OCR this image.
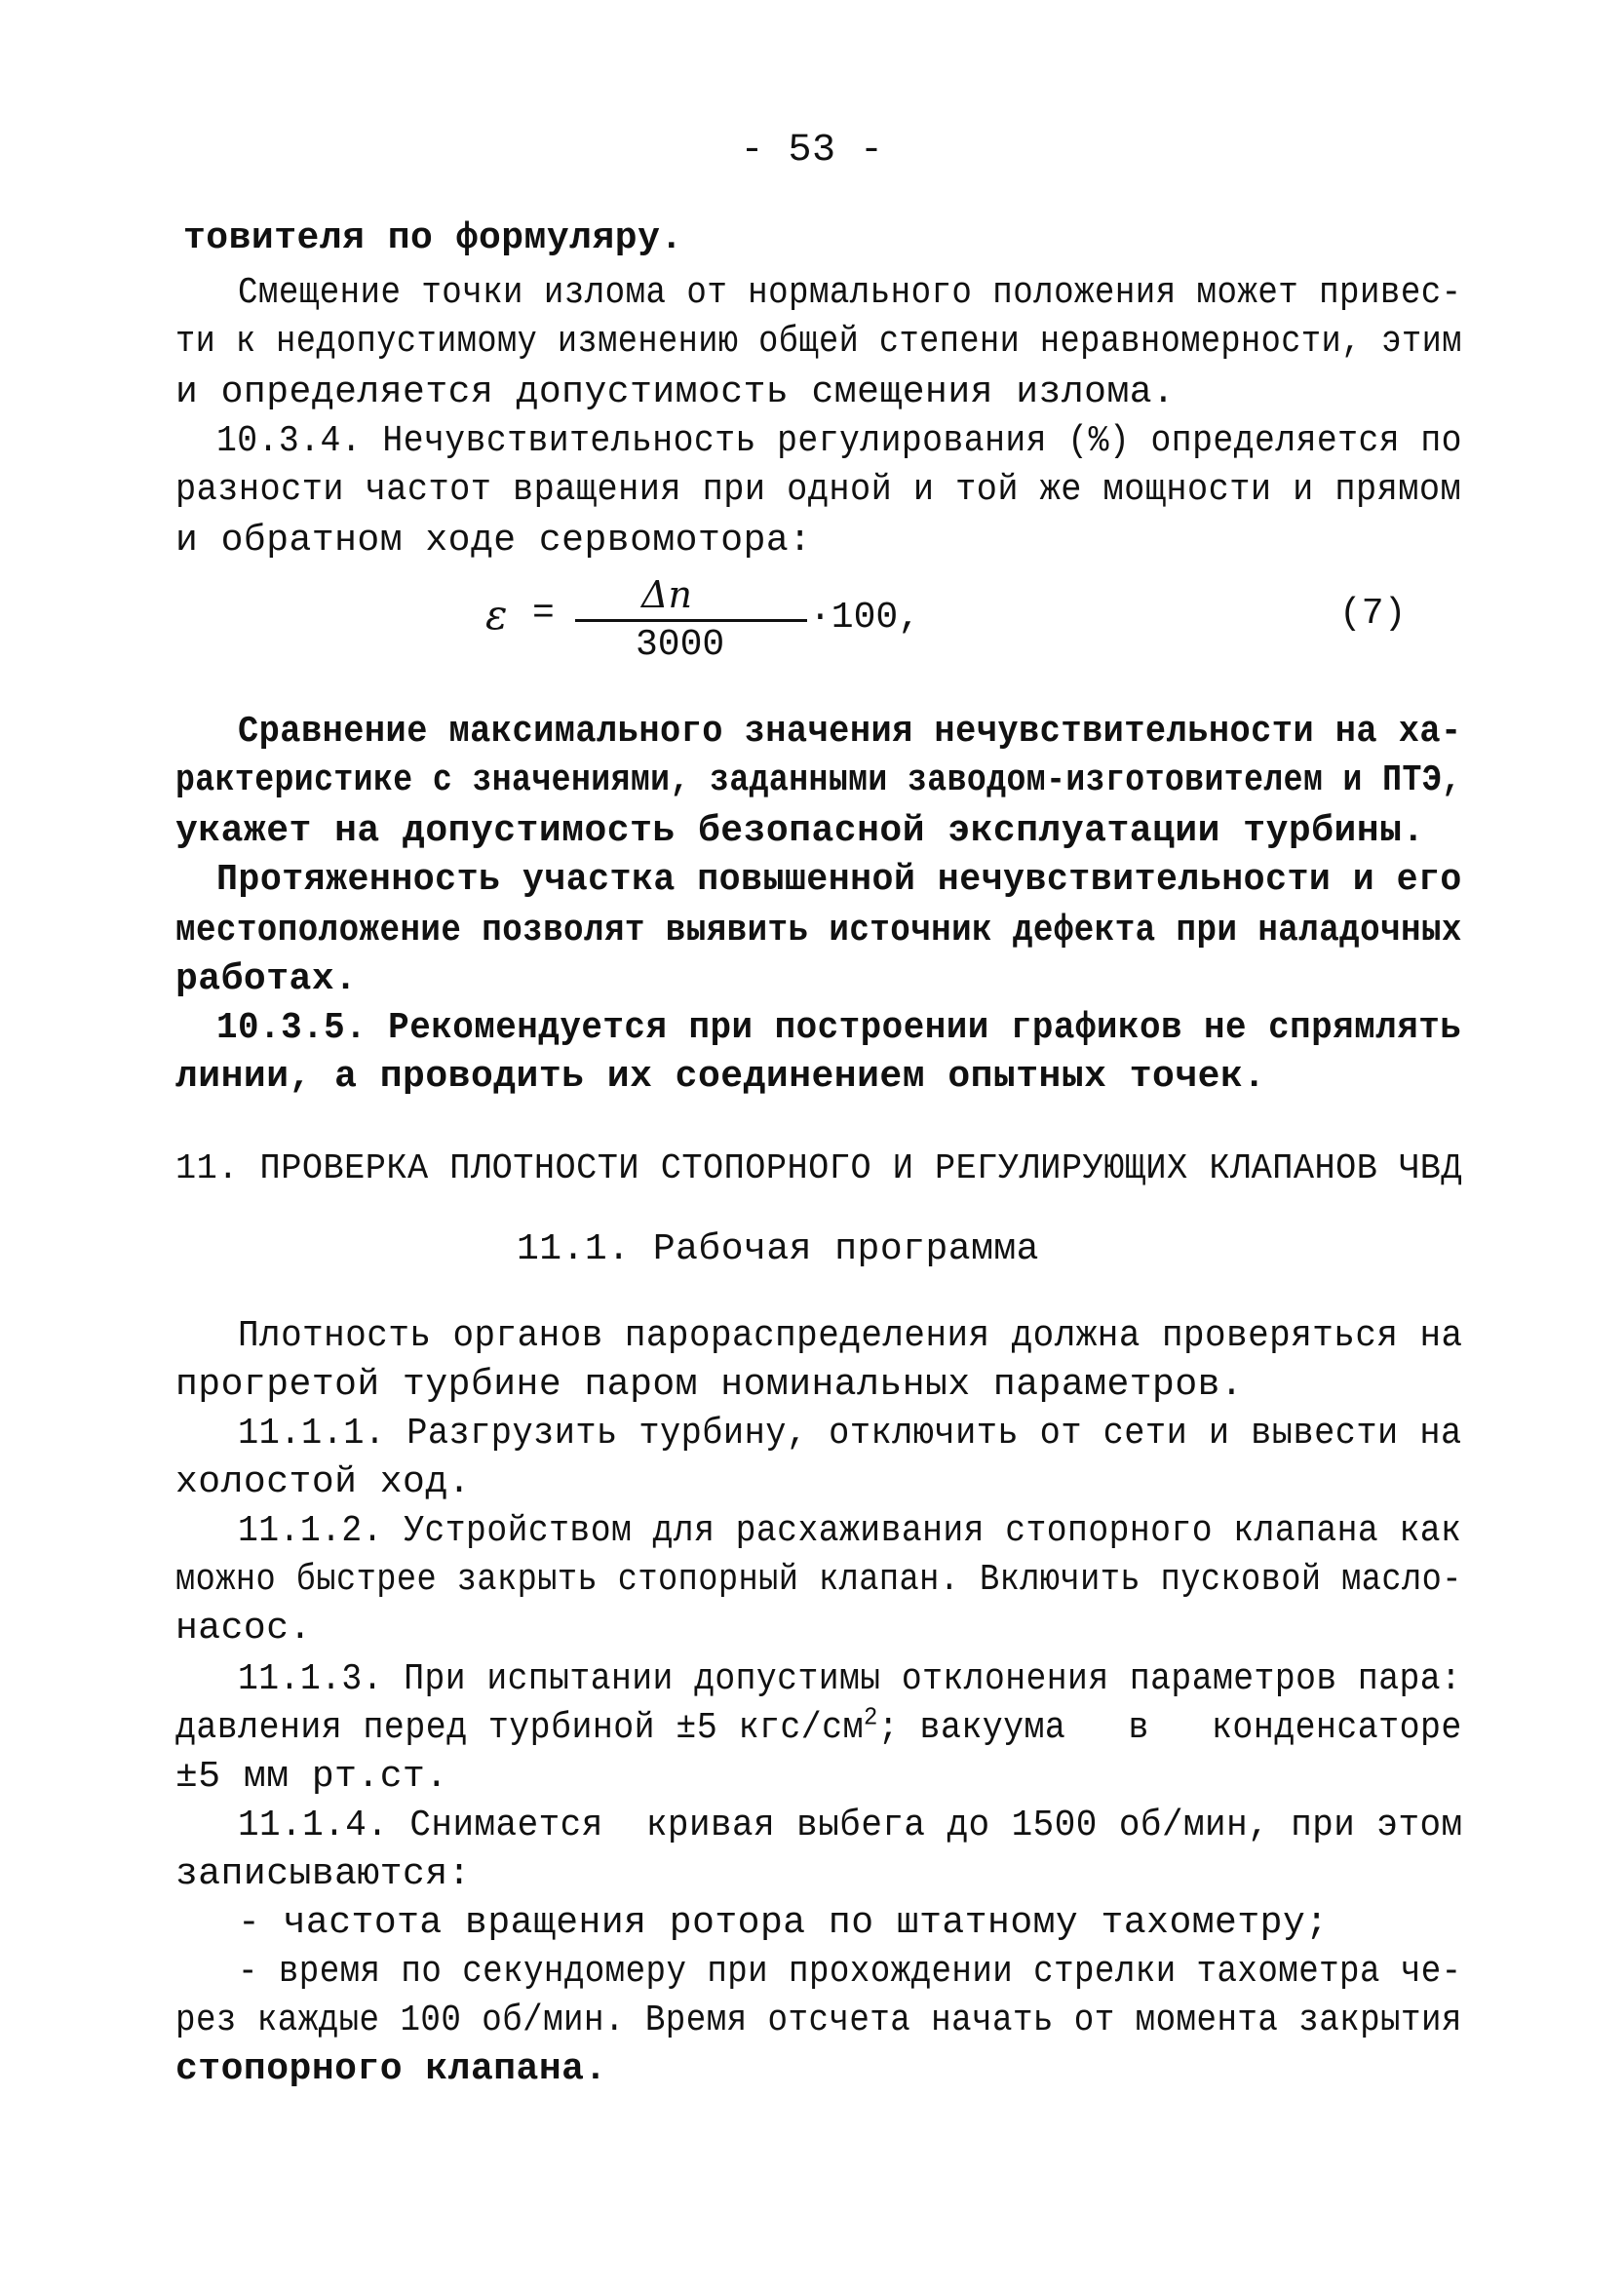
- 53 -
товителя по формуляру.
Смещение точки излома от нормального положения может привес-
ти к недопустимому изменению общей степени неравномерности, этим
и определяется допустимость смещения излома.
10.3.4. Нечувствительность регулирования (%) определяется по
разности частот вращения при одной и той же мощности и прямом
и обратном ходе сервомотора:
ε = Δn
3000
·100,	(7)
Сравнение максимального значения нечувствительности на ха-
рактеристике с значениями, заданными заводом-изготовителем и ПТЭ,
укажет на допустимость безопасной эксплуатации турбины.
Протяженность участка повышенной нечувствительности и его
местоположение позволят выявить источник дефекта при наладочных
работах.
10.3.5. Рекомендуется при построении графиков не спрямлять
линии, а проводить их соединением опытных точек.
11. ПРОВЕРКА ПЛОТНОСТИ СТОПОРНОГО И РЕГУЛИРУЮЩИХ КЛАПАНОВ ЧВД
11.1. Рабочая программа
Плотность органов парораспределения должна проверяться на
прогретой турбине паром номинальных параметров.
11.1.1. Разгрузить турбину, отключить от сети и вывести на
холостой ход.
11.1.2. Устройством для расхаживания стопорного клапана как
можно быстрее закрыть стопорный клапан. Включить пусковой масло-
насос.
11.1.3. При испытании допустимы отклонения параметров пара:
давления перед турбиной ±5 кгс/$см^2$; вакуума   в   конденсаторе
±5 мм рт.ст.
11.1.4. Снимается  кривая выбега до 1500 об/мин, при этом
записываются:
- частота вращения ротора по штатному тахометру;
- время по секундомеру при прохождении стрелки тахометра че-
рез каждые 100 об/мин. Время отсчета начать от момента закрытия
стопорного клапана.
